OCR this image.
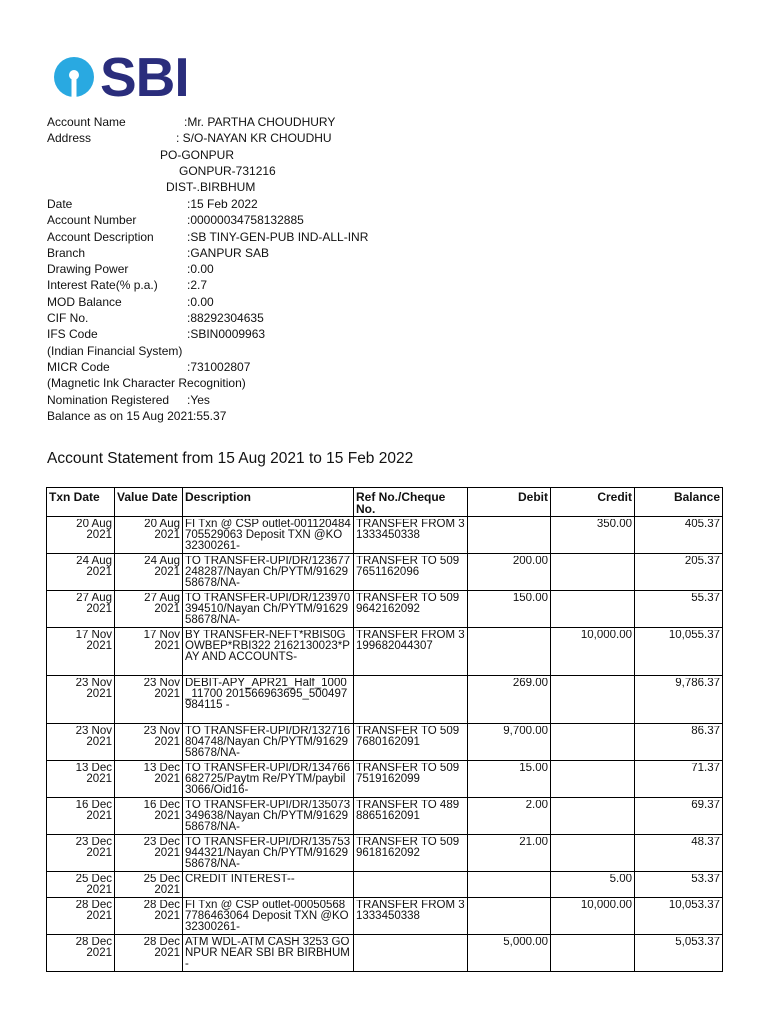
SBI
Account Name	:Mr. PARTHA CHOUDHURY
Address	: S/O-NAYAN KR CHOUDHU
PO-GONPUR
GONPUR-731216
DIST-.BIRBHUM
Date	:15 Feb 2022
Account Number	:00000034758132885
Account Description	:SB TINY-GEN-PUB IND-ALL-INR
Branch	:GANPUR SAB
Drawing Power	:0.00
Interest Rate(% p.a.) :2.7
MOD Balance	:0.00
CIF No.	:88292304635
IFS Code	:SBIN0009963
(Indian Financial System)
MICR Code	:731002807
(Magnetic Ink Character Recognition)
Nomination Registered :Yes
Balance as on 15 Aug 2021 :55.37
Account Statement from 15 Aug 2021 to 15 Feb 2022
Txn Date	Value Date	Description	Ref No./Cheque No.	Debit	Credit	Balance

20 Aug 2021	20 Aug 2021	FI Txn @ CSP outlet-001120484705529063 Deposit TXN @KO 32300261-	TRANSFER FROM 31333450338		350.00	405.37

24 Aug 2021	24 Aug 2021	TO TRANSFER-UPI/DR/123677248287/Nayan Ch/PYTM/9162958678/NA-	TRANSFER TO 5097651162096	200.00		205.37

27 Aug 2021	27 Aug 2021	TO TRANSFER-UPI/DR/123970394510/Nayan Ch/PYTM/9162958678/NA-	TRANSFER TO 5099642162092	150.00		55.37

17 Nov 2021	17 Nov 2021	BY TRANSFER-NEFT*RBIS0GOWBEP*RBI322 2162130023*PAY AND ACCOUNTS-	TRANSFER FROM 3199682044307		10,000.00	10,055.37

23 Nov 2021	23 Nov 2021	DEBIT-APY_APR21_Half_1000_11700 201566963695_500497984115 -		269.00		9,786.37

23 Nov 2021	23 Nov 2021	TO TRANSFER-UPI/DR/132716804748/Nayan Ch/PYTM/9162958678/NA-	TRANSFER TO 5097680162091	9,700.00		86.37

13 Dec 2021	13 Dec 2021	TO TRANSFER-UPI/DR/134766682725/Paytm Re/PYTM/paybil3066/Oid16-	TRANSFER TO 5097519162099	15.00		71.37

16 Dec 2021	16 Dec 2021	TO TRANSFER-UPI/DR/135073349638/Nayan Ch/PYTM/9162958678/NA-	TRANSFER TO 4898865162091	2.00		69.37

23 Dec 2021	23 Dec 2021	TO TRANSFER-UPI/DR/135753944321/Nayan Ch/PYTM/9162958678/NA-	TRANSFER TO 5099618162092	21.00		48.37

25 Dec 2021	25 Dec 2021	CREDIT INTEREST--			5.00	53.37

28 Dec 2021	28 Dec 2021	FI Txn @ CSP outlet-000505687786463064 Deposit TXN @KO 32300261-	TRANSFER FROM 31333450338		10,000.00	10,053.37

28 Dec 2021	28 Dec 2021	ATM WDL-ATM CASH 3253 GONPUR NEAR SBI BR BIRBHUM-		5,000.00		5,053.37
